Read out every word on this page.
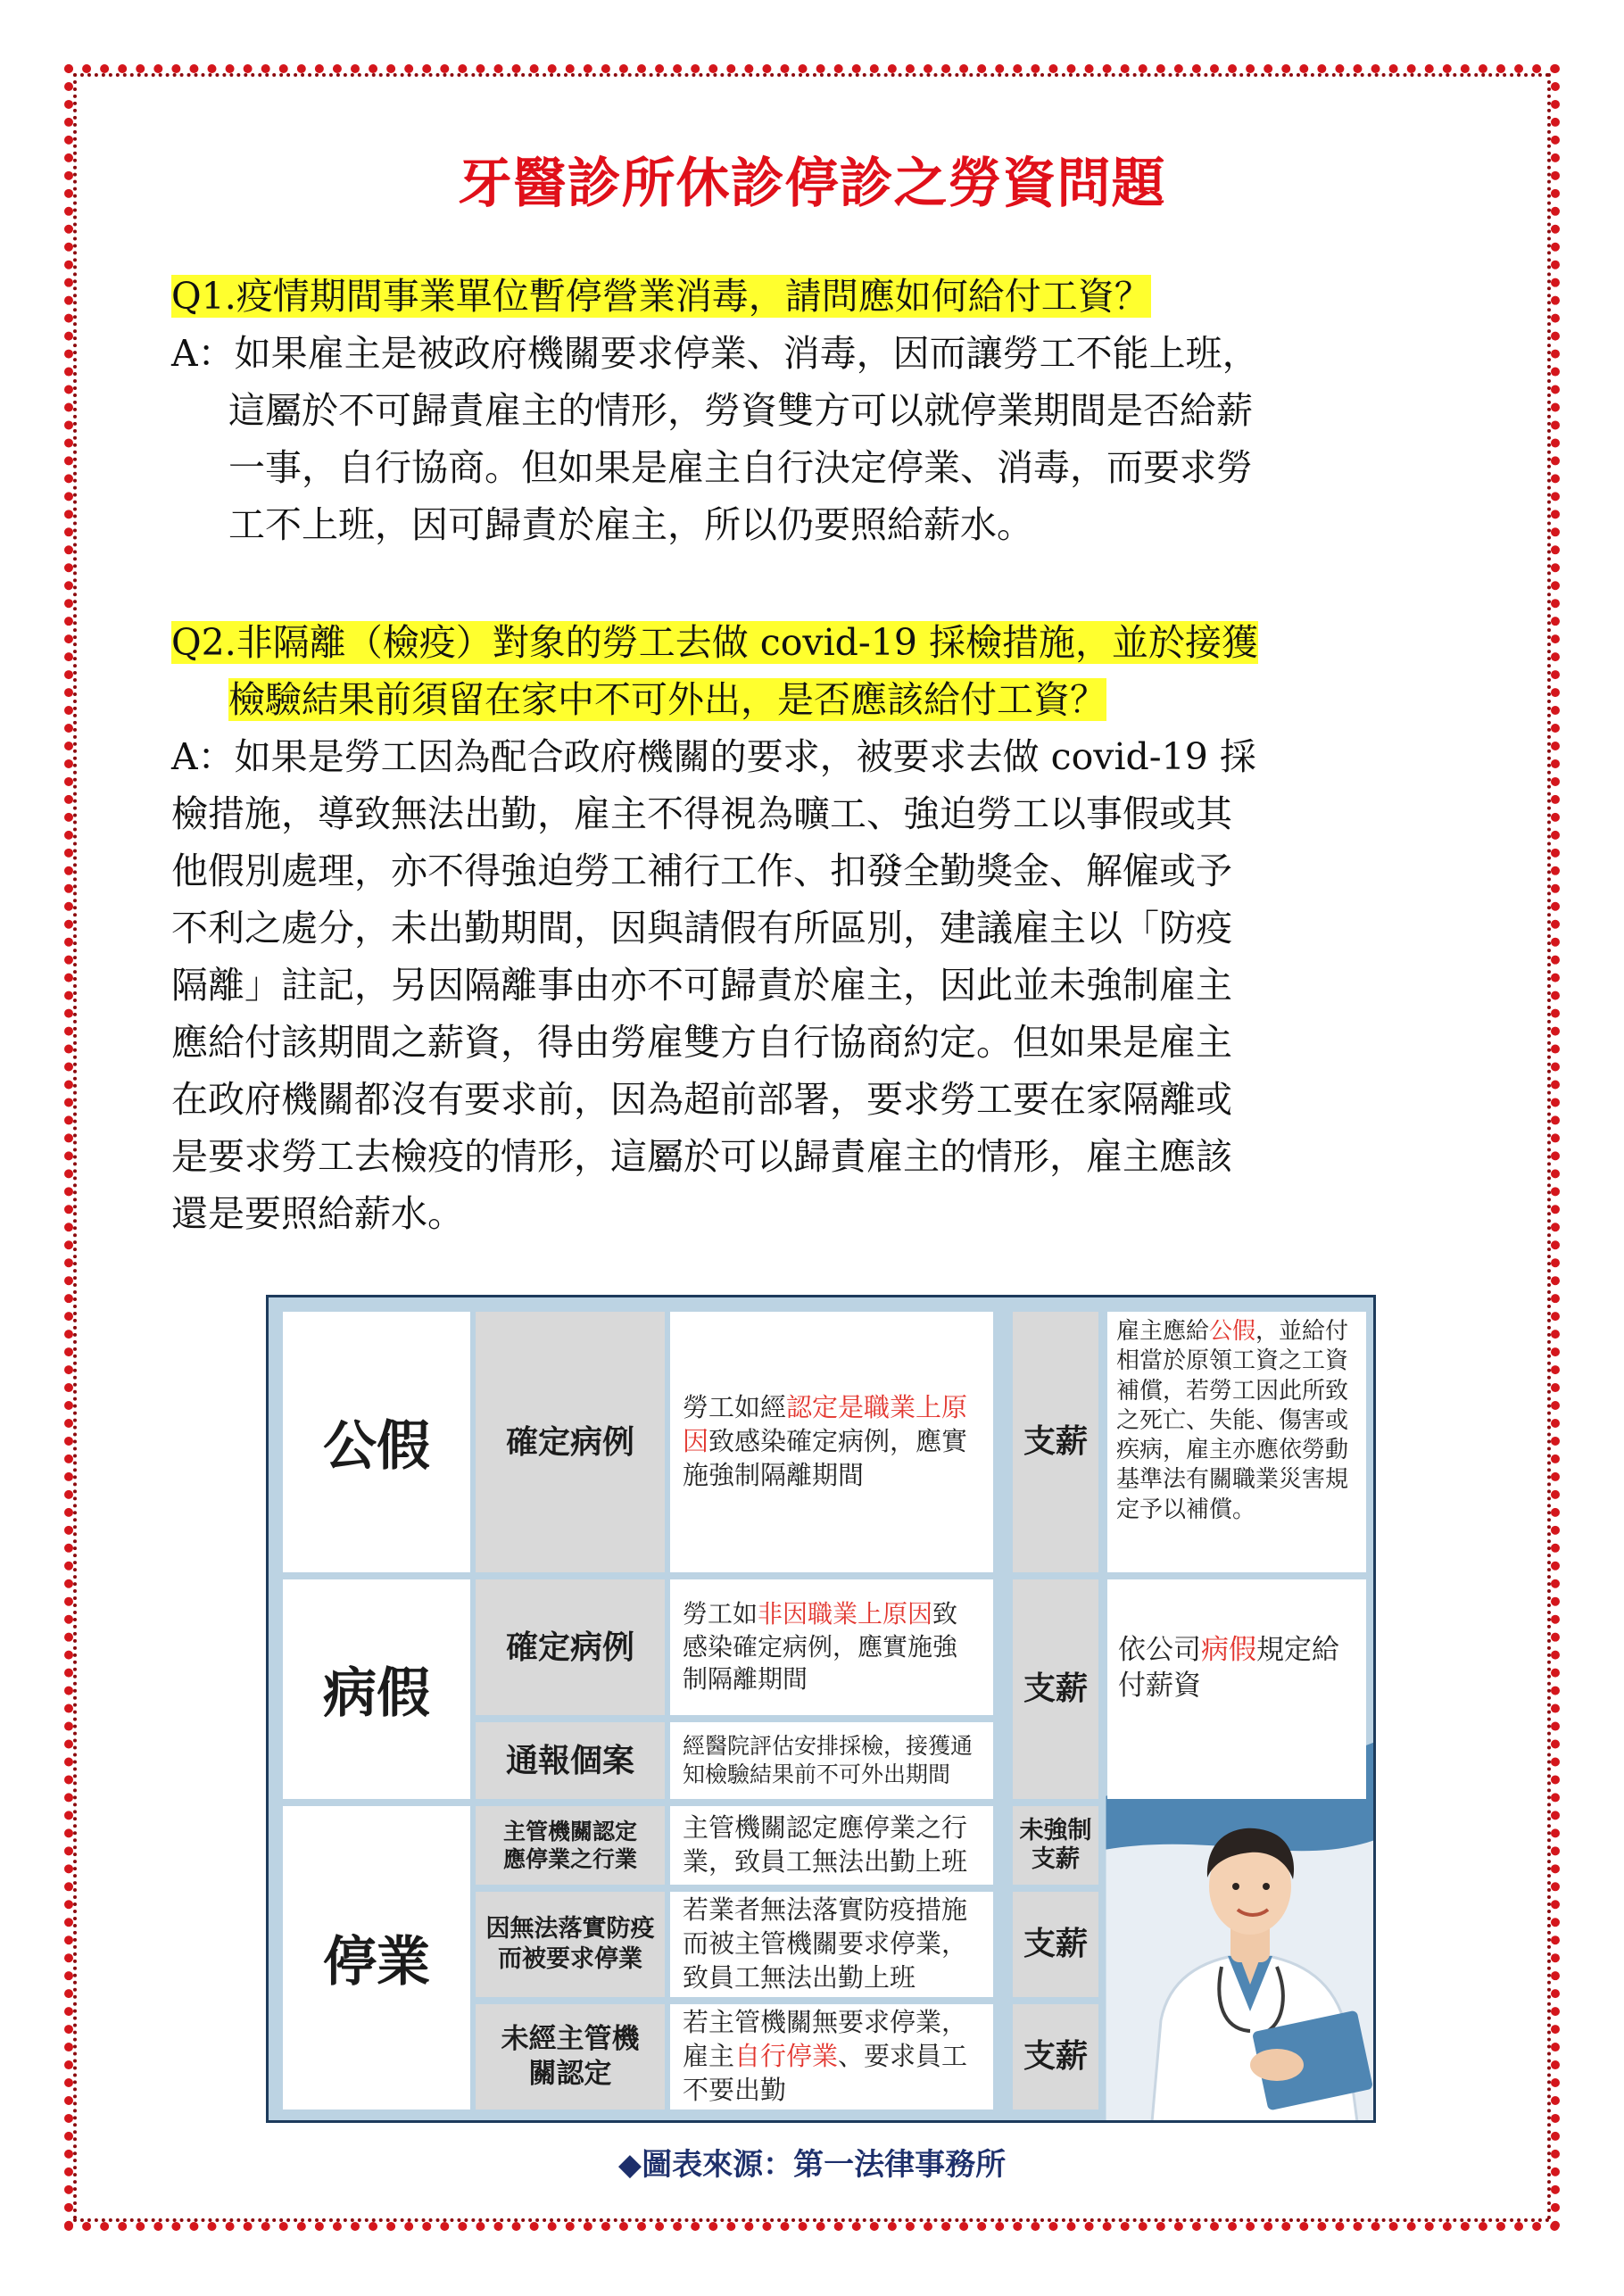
牙醫診所休診停診之勞資問題
Q1.疫情期間事業單位暫停營業消毒，請問應如何給付工資？
A：如果雇主是被政府機關要求停業、消毒，因而讓勞工不能上班，
這屬於不可歸責雇主的情形，勞資雙方可以就停業期間是否給薪
一事，自行協商。但如果是雇主自行決定停業、消毒，而要求勞
工不上班，因可歸責於雇主，所以仍要照給薪水。
Q2.非隔離（檢疫）對象的勞工去做 covid-19 採檢措施，並於接獲
檢驗結果前須留在家中不可外出，是否應該給付工資？
A：如果是勞工因為配合政府機關的要求，被要求去做 covid-19 採
檢措施，導致無法出勤，雇主不得視為曠工、強迫勞工以事假或其
他假別處理，亦不得強迫勞工補行工作、扣發全勤獎金、解僱或予
不利之處分，未出勤期間，因與請假有所區別，建議雇主以「防疫
隔離」註記，另因隔離事由亦不可歸責於雇主，因此並未強制雇主
應給付該期間之薪資，得由勞雇雙方自行協商約定。但如果是雇主
在政府機關都沒有要求前，因為超前部署，要求勞工要在家隔離或
是要求勞工去檢疫的情形，這屬於可以歸責雇主的情形，雇主應該
還是要照給薪水。
公假	確定病例
勞工如經認定是職業上原因致感染確定病例，應實施強制隔離期間
支薪
雇主應給公假，並給付相當於原領工資之工資補償，若勞工因此所致之死亡、失能、傷害或疾病，雇主亦應依勞動基準法有關職業災害規定予以補償。
病假
確定病例
勞工如非因職業上原因致感染確定病例，應實施強制隔離期間
通報個案	經醫院評估安排採檢，接獲通知檢驗結果前不可外出期間
支薪
依公司病假規定給付薪資
停業
主管機關認定應停業之行業
主管機關認定應停業之行業，致員工無法出勤上班
未強制支薪
因無法落實防疫而被要求停業
若業者無法落實防疫措施而被主管機關要求停業，致員工無法出勤上班
支薪
未經主管機關認定
若主管機關無要求停業，雇主自行停業、要求員工不要出勤
支薪
◆圖表來源：第一法律事務所
